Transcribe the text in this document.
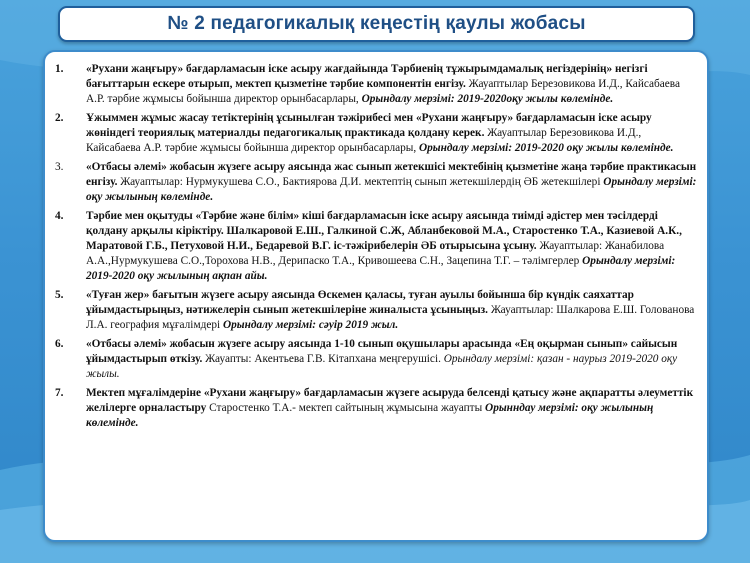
№ 2 педагогикалық кеңестің қаулы жобасы
1.	«Рухани жаңғыру» бағдарламасын іске асыру жағдайында Тәрбиенің тұжырымдамалық негіздерінің» негізгі бағыттарын ескере отырып, мектеп қызметіне тәрбие компонентін енгізу. Жауаптылар Березовикова И.Д., Кайсабаева А.Р. тәрбие жұмысы бойынша директор орынбасарлары, Орындалу мерзімі: 2019-2020оқу жылы көлемінде.
2.	Ұжыммен жұмыс жасау тетіктерінің ұсынылған тәжірибесі мен «Рухани жаңғыру» бағдарламасын іске асыру жөніндегі теориялық материалды педагогикалық практикада қолдану керек. Жауаптылар Березовикова И.Д., Кайсабаева А.Р. тәрбие жұмысы бойынша директор орынбасарлары, Орындалу мерзімі: 2019-2020 оқу жылы көлемінде.
3.	«Отбасы әлемі» жобасын жүзеге асыру аясында жас сынып жетекшісі мектебінің қызметіне жаңа тәрбие практикасын енгізу. Жауаптылар: Нурмукушева С.О., Бактиярова Д.И. мектептің сынып жетекшілердің ӘБ жетекшілері Орындалу мерзімі: оқу жылының көлемінде.
4.	Тәрбие мен оқытуды «Тәрбие және білім» кіші бағдарламасын іске асыру аясында тиімді әдістер мен тәсілдерді қолдану арқылы кіріктіру. Шалкаровой Е.Ш., Галкиной С.Ж, Абланбековой М.А., Старостенко Т.А., Казиевой А.К., Маратовой Г.Б., Петуховой Н.И., Бедаревой В.Г. іс-тәжірибелерін ӘБ отырысына ұсыну. Жауаптылар: Жанабилова А.А.,Нурмукушева С.О.,Торохова Н.В., Дерипаско Т.А., Кривошеева С.Н., Зацепина Т.Г. – тәлімгерлер Орындалу мерзімі: 2019-2020 оқу жылының ақпан айы.
5.	«Туған жер» бағытын жүзеге асыру аясында Өскемен қаласы, туған ауылы бойынша бір күндік саяхаттар ұйымдастырыңыз, нәтижелерін сынып жетекшілеріне жиналыста ұсыныңыз. Жауаптылар: Шалкарова Е.Ш. Голованова Л.А. география мұғалімдері Орындалу мерзімі: сәуір 2019 жыл.
6.	«Отбасы әлемі» жобасын жүзеге асыру аясында 1-10 сынып оқушылары арасында «Ең оқырман сынып» сайысын ұйымдастырып өткізу. Жауапты: Акентьева Г.В. Кітапхана меңгерушісі. Орындалу мерзімі: қазан - наурыз 2019-2020 оқу жылы.
7.	Мектеп мұғалімдеріне «Рухани жаңғыру» бағдарламасын жүзеге асыруда белсенді қатысу және ақпаратты әлеуметтік желілерге орналастыру Старостенко Т.А.- мектеп сайтының жұмысына жауапты Орынндау мерзімі: оқу жылының көлемінде.
